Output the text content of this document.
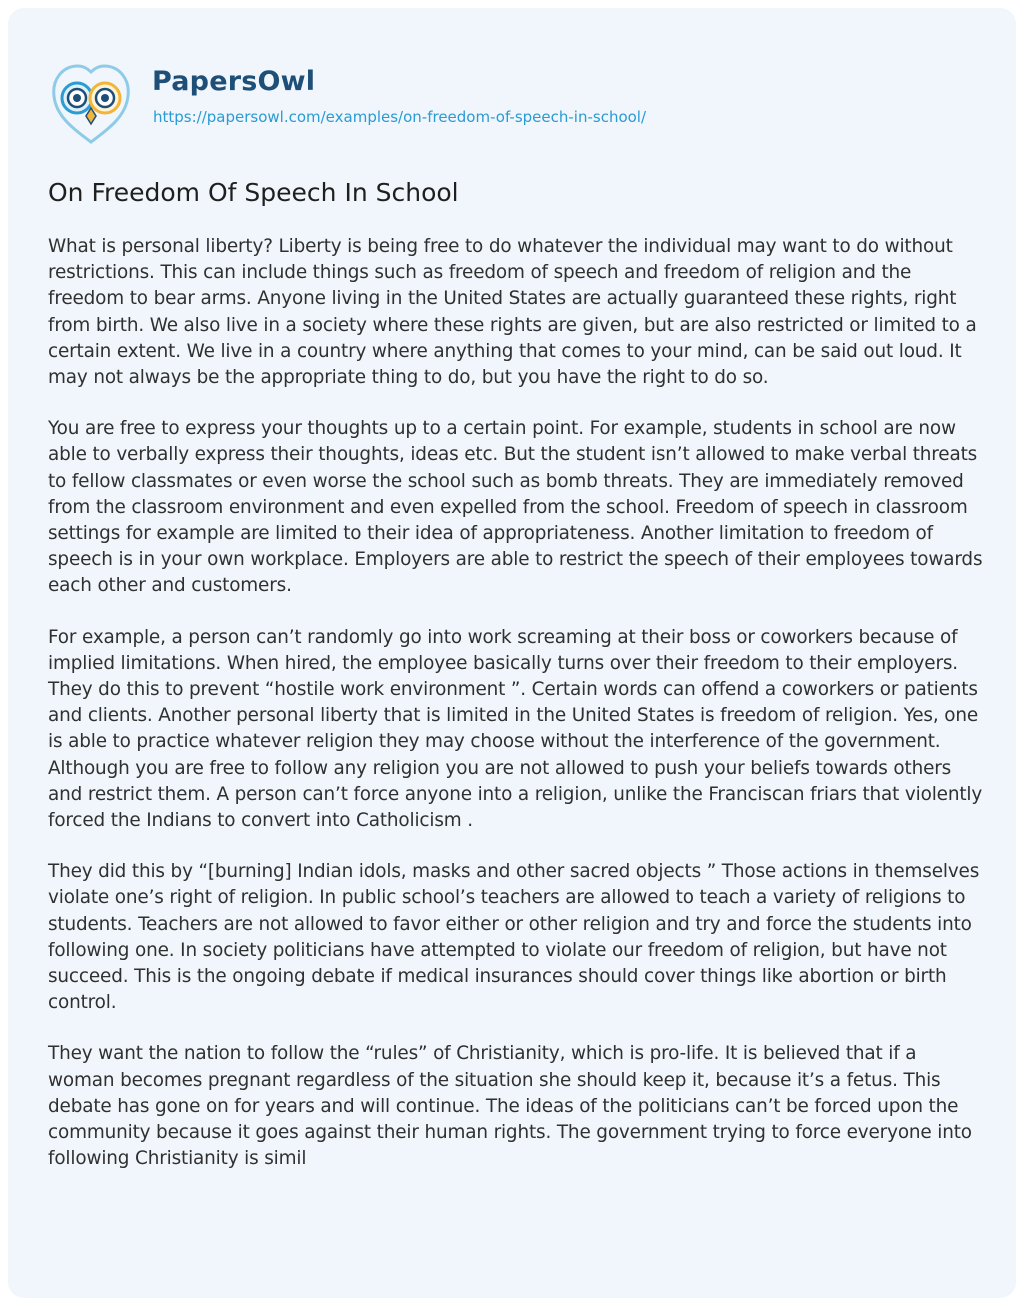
PapersOwl
https://papersowl.com/examples/on-freedom-of-speech-in-school/
On Freedom Of Speech In School

What is personal liberty? Liberty is being free to do whatever the individual may want to do without restrictions. This can include things such as freedom of speech and freedom of religion and the freedom to bear arms. Anyone living in the United States are actually guaranteed these rights, right from birth. We also live in a society where these rights are given, but are also restricted or limited to a certain extent. We live in a country where anything that comes to your mind, can be said out loud. It may not always be the appropriate thing to do, but you have the right to do so.

You are free to express your thoughts up to a certain point. For example, students in school are now able to verbally express their thoughts, ideas etc. But the student isn’t allowed to make verbal threats to fellow classmates or even worse the school such as bomb threats. They are immediately removed from the classroom environment and even expelled from the school. Freedom of speech in classroom settings for example are limited to their idea of appropriateness. Another limitation to freedom of speech is in your own workplace. Employers are able to restrict the speech of their employees towards each other and customers.

For example, a person can’t randomly go into work screaming at their boss or coworkers because of implied limitations. When hired, the employee basically turns over their freedom to their employers. They do this to prevent “hostile work environment ”. Certain words can offend a coworkers or patients and clients. Another personal liberty that is limited in the United States is freedom of religion. Yes, one is able to practice whatever religion they may choose without the interference of the government. Although you are free to follow any religion you are not allowed to push your beliefs towards others and restrict them. A person can’t force anyone into a religion, unlike the Franciscan friars that violently forced the Indians to convert into Catholicism .

They did this by “[burning] Indian idols, masks and other sacred objects ” Those actions in themselves violate one’s right of religion. In public school’s teachers are allowed to teach a variety of religions to students. Teachers are not allowed to favor either or other religion and try and force the students into following one. In society politicians have attempted to violate our freedom of religion, but have not succeed. This is the ongoing debate if medical insurances should cover things like abortion or birth control.

They want the nation to follow the “rules” of Christianity, which is pro-life. It is believed that if a woman becomes pregnant regardless of the situation she should keep it, because it’s a fetus. This debate has gone on for years and will continue. The ideas of the politicians can’t be forced upon the community because it goes against their human rights. The government trying to force everyone into following Christianity is simil
